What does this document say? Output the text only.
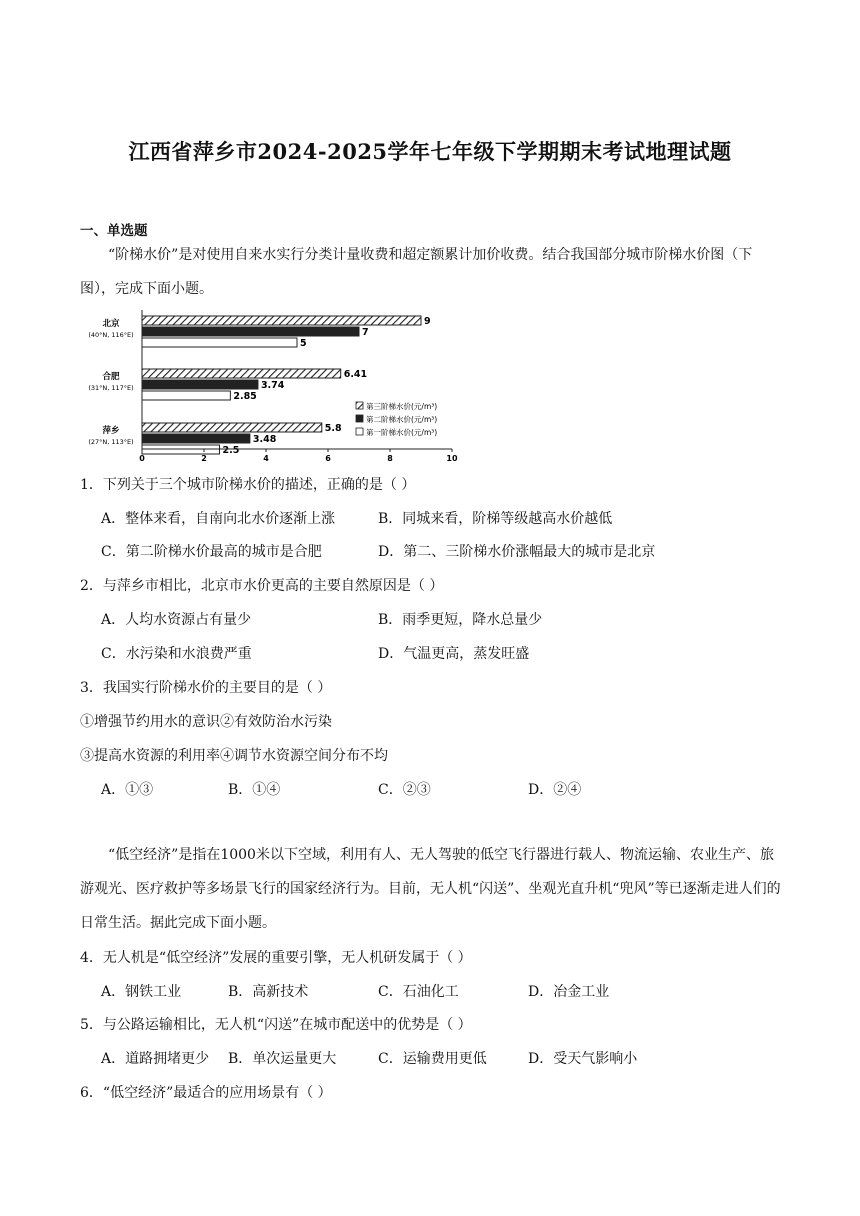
江西省萍乡市2024-2025学年七年级下学期期末考试地理试题
一、单选题
“阶梯水价”是对使用自来水实行分类计量收费和超定额累计加价收费。结合我国部分城市阶梯水价图（下图），完成下面小题。
北京
(40°N, 116°E)
合肥
(31°N, 117°E)
萍乡
(27°N, 113°E)
9
7
5
6.41
3.74
2.85
5.8
3.48
2.5
0	2	4	6	8	10
第三阶梯水价(元/m³)
第二阶梯水价(元/m³)
第一阶梯水价(元/m³)
1．下列关于三个城市阶梯水价的描述，正确的是（ ）
A．整体来看，自南向北水价逐渐上涨	B．同城来看，阶梯等级越高水价越低
C．第二阶梯水价最高的城市是合肥	D．第二、三阶梯水价涨幅最大的城市是北京
2．与萍乡市相比，北京市水价更高的主要自然原因是（ ）
A．人均水资源占有量少	B．雨季更短，降水总量少
C．水污染和水浪费严重	D．气温更高，蒸发旺盛
3．我国实行阶梯水价的主要目的是（ ）
①增强节约用水的意识②有效防治水污染
③提高水资源的利用率④调节水资源空间分布不均
A．①③	B．①④	C．②③	D．②④
“低空经济”是指在1000米以下空域，利用有人、无人驾驶的低空飞行器进行载人、物流运输、农业生产、旅游观光、医疗救护等多场景飞行的国家经济行为。目前，无人机“闪送”、坐观光直升机“兜风”等已逐渐走进人们的日常生活。据此完成下面小题。
4．无人机是“低空经济”发展的重要引擎，无人机研发属于（ ）
A．钢铁工业	B．高新技术	C．石油化工	D．冶金工业
5．与公路运输相比，无人机“闪送”在城市配送中的优势是（ ）
A．道路拥堵更少 B．单次运量更大	C．运输费用更低	D．受天气影响小
6．“低空经济”最适合的应用场景有（ ）
